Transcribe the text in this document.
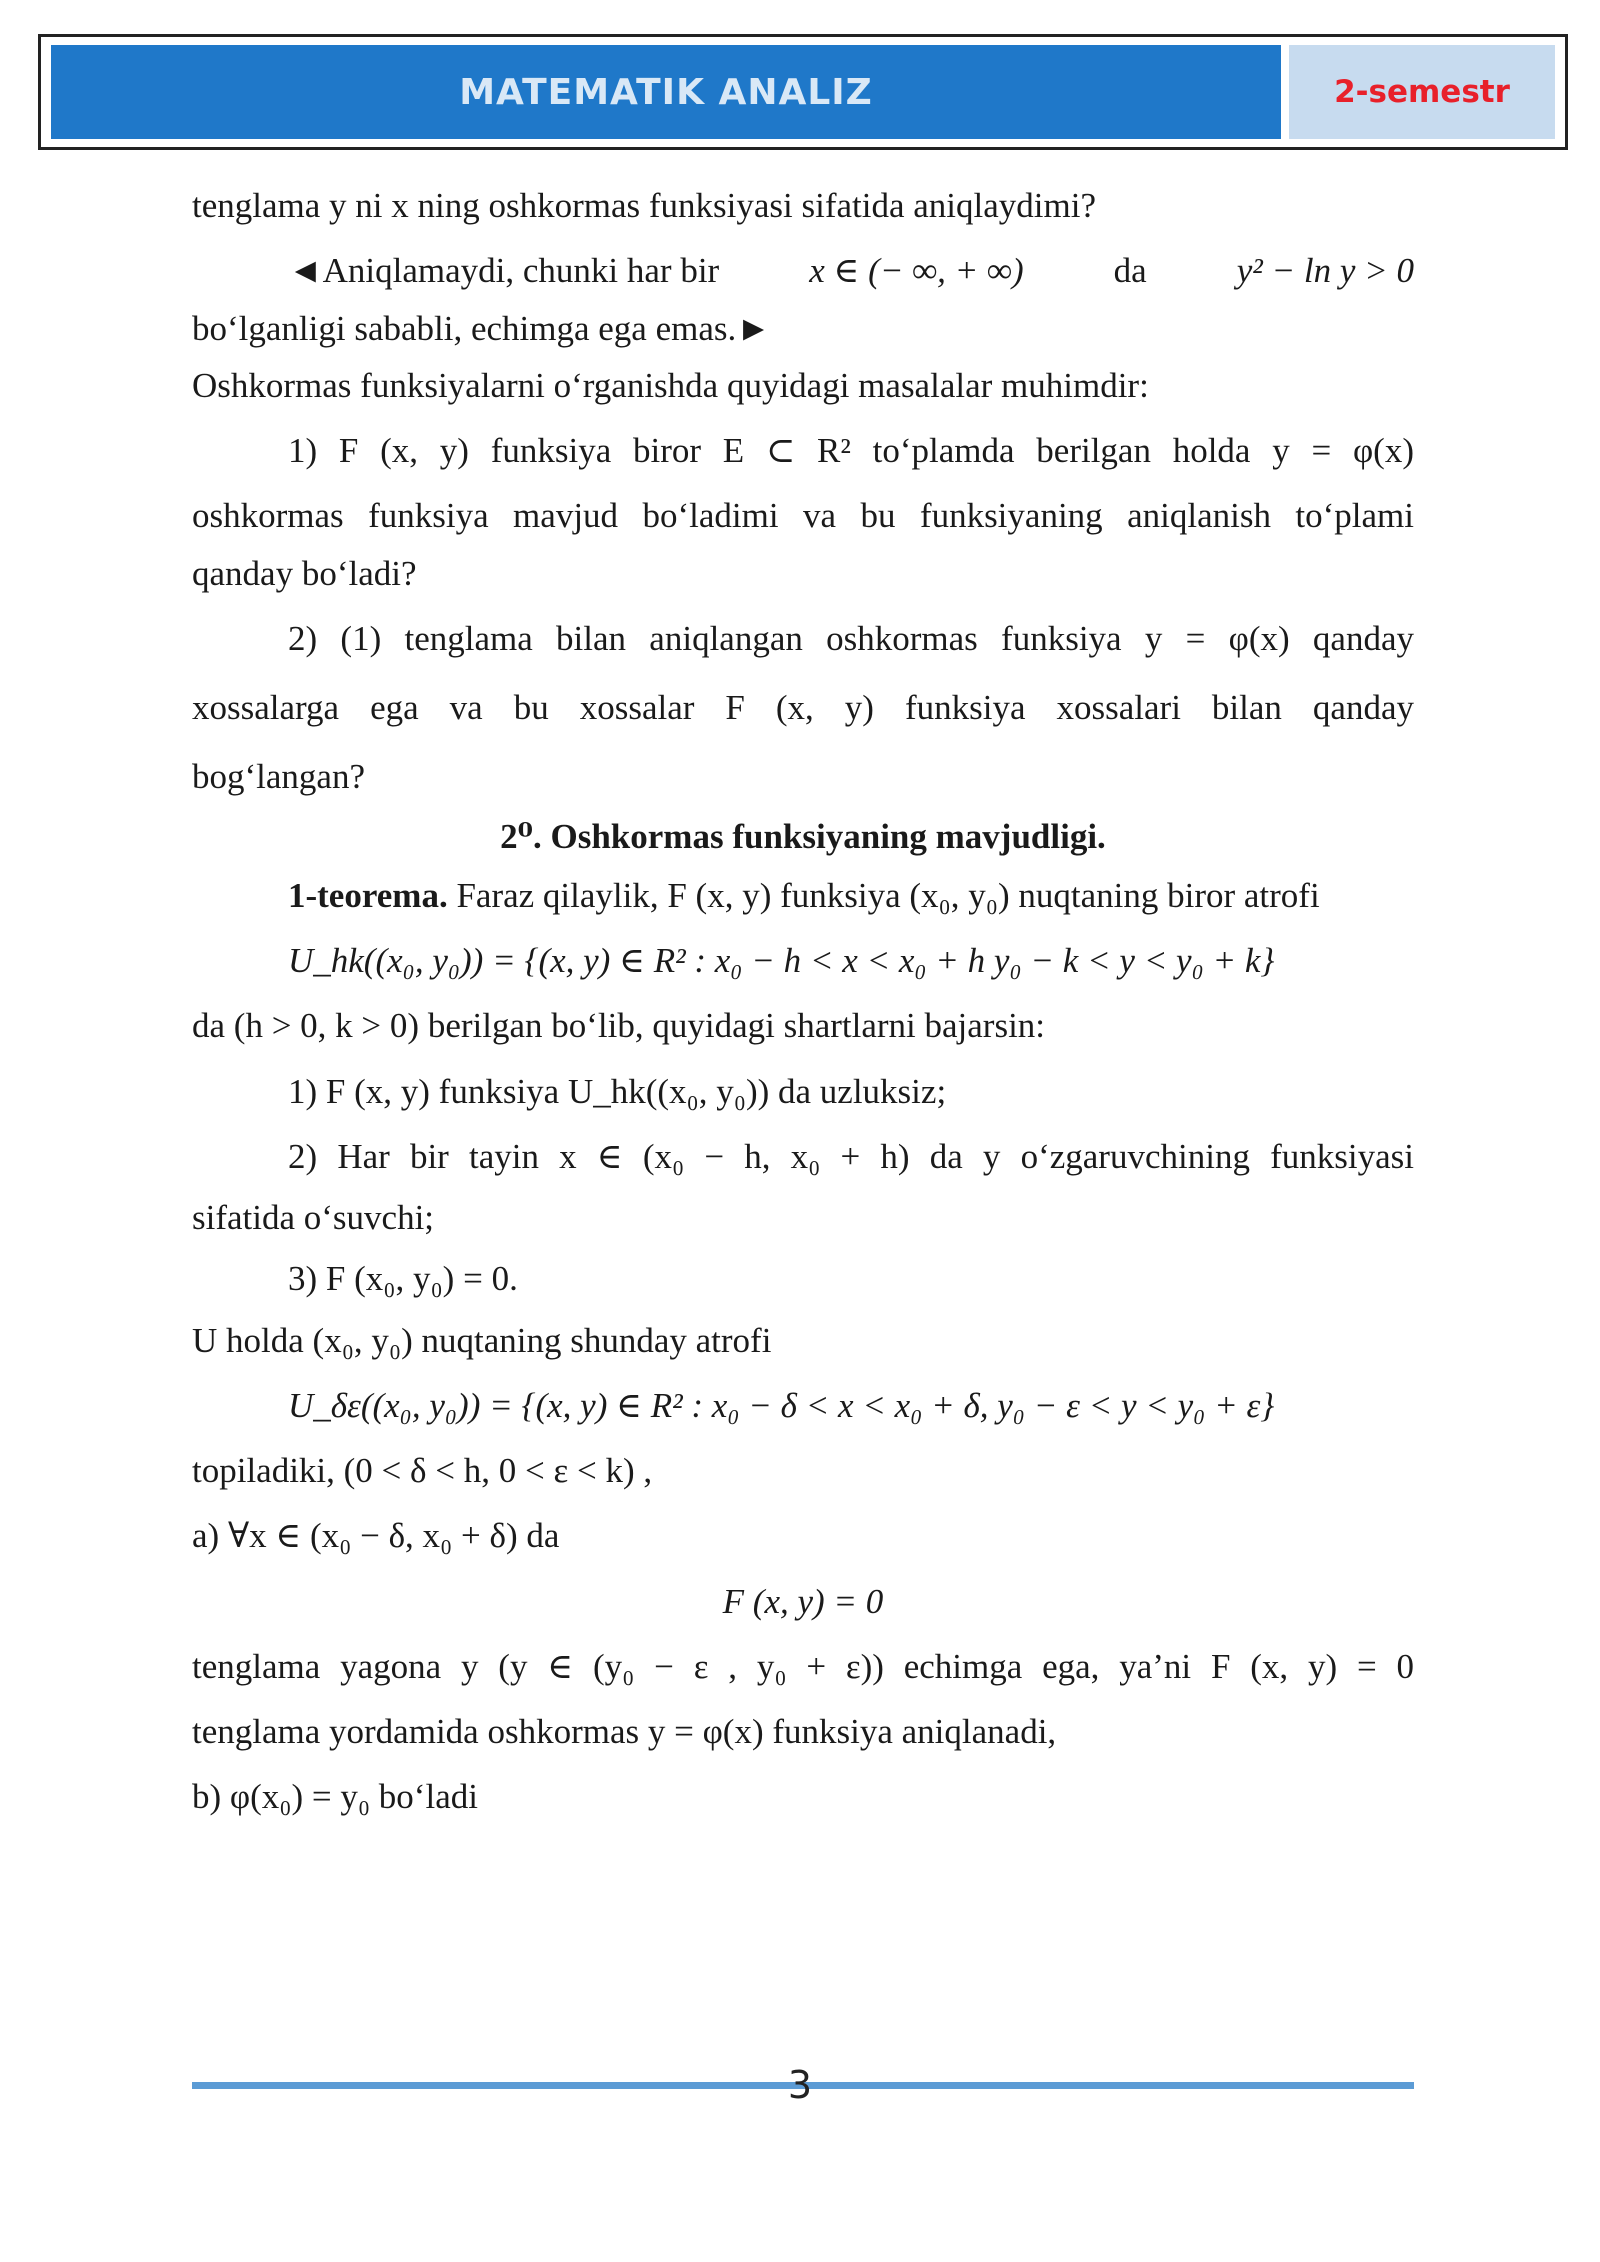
MATEMATIK ANALIZ	2-semestr

tenglama y ni x ning oshkormas funksiyasi sifatida aniqlaydimi?

◄Aniqlamaydi, chunki har bir	x ∈ (− ∞, + ∞)	da	y² − ln y > 0

bo‘lganligi sababli, echimga ega emas.►

Oshkormas funksiyalarni o‘rganishda quyidagi masalalar muhimdir:

1) F (x, y) funksiya biror E ⊂ R² to‘plamda berilgan holda y = φ(x)

oshkormas funksiya mavjud bo‘ladimi va bu funksiyaning aniqlanish to‘plami

qanday bo‘ladi?

2) (1) tenglama bilan aniqlangan oshkormas funksiya y = φ(x) qanday

xossalarga ega va bu xossalar F (x, y) funksiya xossalari bilan qanday

bog‘langan?

2⁰. Oshkormas funksiyaning mavjudligi.

1-teorema. Faraz qilaylik, F (x, y) funksiya (x₀, y₀) nuqtaning biror atrofi

U_hk((x₀, y₀)) = {(x, y) ∈ R² : x₀ − h < x < x₀ + h y₀ − k < y < y₀ + k}

da (h > 0, k > 0) berilgan bo‘lib, quyidagi shartlarni bajarsin:

1) F (x, y) funksiya U_hk((x₀, y₀)) da uzluksiz;

2) Har bir tayin x ∈ (x₀ − h, x₀ + h) da y o‘zgaruvchining funksiyasi

sifatida o‘suvchi;

3) F (x₀, y₀) = 0.

U holda (x₀, y₀) nuqtaning shunday atrofi

U_δε((x₀, y₀)) = {(x, y) ∈ R² : x₀ − δ < x < x₀ + δ, y₀ − ε < y < y₀ + ε}

topiladiki, (0 < δ < h, 0 < ε < k) ,

a) ∀x ∈ (x₀ − δ, x₀ + δ) da

F (x, y) = 0

tenglama yagona y (y ∈ (y₀ − ε , y₀ + ε)) echimga ega, ya’ni F (x, y) = 0

tenglama yordamida oshkormas y = φ(x) funksiya aniqlanadi,

b) φ(x₀) = y₀ bo‘ladi

3
